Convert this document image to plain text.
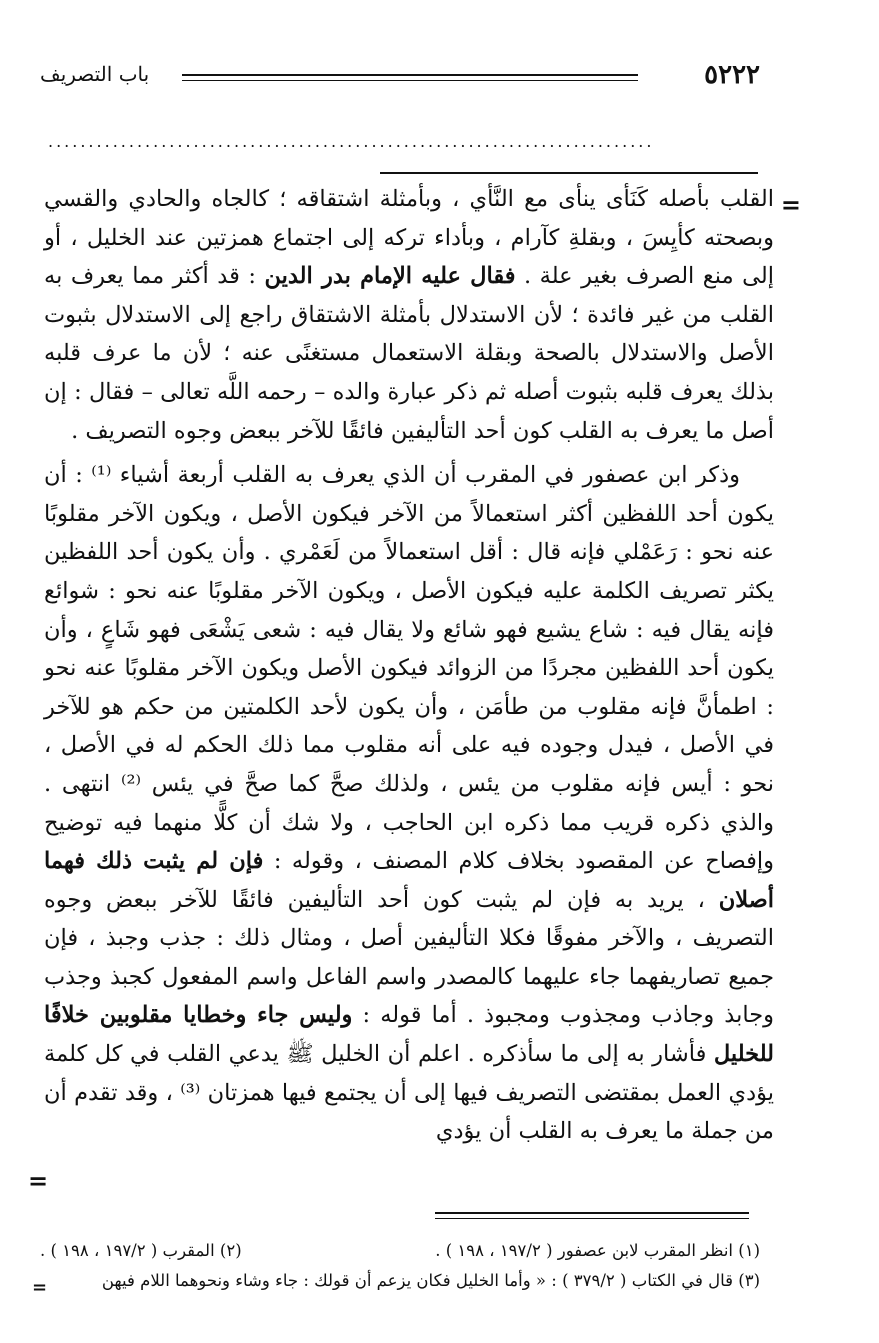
٥٢٢٢
باب التصريف
...........................................................................
=

القلب بأصله كَنَأى ينأى مع النَّأي ، وبأمثلة اشتقاقه ؛ كالجاه والحادي والقسي وبصحته كأيِسَ ، وبقلةِ كآرام ، وبأداء تركه إلى اجتماع همزتين عند الخليل ، أو إلى منع الصرف بغير علة . فقال عليه الإمام بدر الدين : قد أكثر مما يعرف به القلب من غير فائدة ؛ لأن الاستدلال بأمثلة الاشتقاق راجع إلى الاستدلال بثبوت الأصل والاستدلال بالصحة وبقلة الاستعمال مستغنًى عنه ؛ لأن ما عرف قلبه بذلك يعرف قلبه بثبوت أصله ثم ذكر عبارة والده – رحمه اللَّه تعالى – فقال : إن أصل ما يعرف به القلب كون أحد التأليفين فائقًا للآخر ببعض وجوه التصريف .

وذكر ابن عصفور في المقرب أن الذي يعرف به القلب أربعة أشياء ⁽¹⁾ : أن يكون أحد اللفظين أكثر استعمالاً من الآخر فيكون الأصل ، ويكون الآخر مقلوبًا عنه نحو : رَعَمْلي فإنه قال : أقل استعمالاً من لَعَمْري . وأن يكون أحد اللفظين يكثر تصريف الكلمة عليه فيكون الأصل ، ويكون الآخر مقلوبًا عنه نحو : شوائع فإنه يقال فيه : شاع يشيع فهو شائع ولا يقال فيه : شعى يَشْعَى فهو شَاعٍ ، وأن يكون أحد اللفظين مجردًا من الزوائد فيكون الأصل ويكون الآخر مقلوبًا عنه نحو : اطمأنَّ فإنه مقلوب من طأمَن ، وأن يكون لأحد الكلمتين من حكم هو للآخر في الأصل ، فيدل وجوده فيه على أنه مقلوب مما ذلك الحكم له في الأصل ، نحو : أيس فإنه مقلوب من يئس ، ولذلك صحَّ كما صحَّ في يئس ⁽²⁾ انتهى . والذي ذكره قريب مما ذكره ابن الحاجب ، ولا شك أن كلًّا منهما فيه توضيح وإفصاح عن المقصود بخلاف كلام المصنف ، وقوله : فإن لم يثبت ذلك فهما أصلان ، يريد به فإن لم يثبت كون أحد التأليفين فائقًا للآخر ببعض وجوه التصريف ، والآخر مفوقًا فكلا التأليفين أصل ، ومثال ذلك : جذب وجبذ ، فإن جميع تصاريفهما جاء عليهما كالمصدر واسم الفاعل واسم المفعول كجبذ وجذب وجابذ وجاذب ومجذوب ومجبوذ . أما قوله : وليس جاء وخطايا مقلوبين خلافًا للخليل فأشار به إلى ما سأذكره . اعلم أن الخليل ﷺ يدعي القلب في كل كلمة يؤدي العمل بمقتضى التصريف فيها إلى أن يجتمع فيها همزتان ⁽³⁾ ، وقد تقدم أن من جملة ما يعرف به القلب أن يؤدي

=
(١) انظر المقرب لابن عصفور ( ١٩٧/٢ ، ١٩٨ ) .
(٢) المقرب ( ١٩٧/٢ ، ١٩٨ ) .
(٣) قال في الكتاب ( ٣٧٩/٢ ) : « وأما الخليل فكان يزعم أن قولك : جاء وشاء ونحوهما اللام فيهن
=
